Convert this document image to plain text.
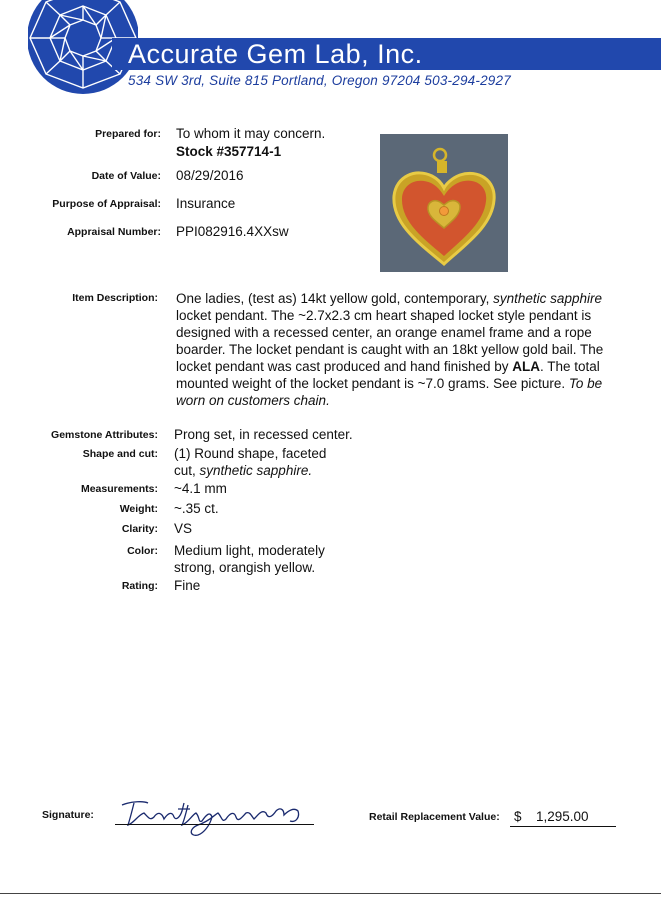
Accurate Gem Lab, Inc.
534 SW 3rd, Suite 815 Portland, Oregon 97204 503-294-2927
Prepared for: To whom it may concern.
Stock #357714-1
Date of Value: 08/29/2016
Purpose of Appraisal: Insurance
Appraisal Number: PPI082916.4XXsw
Item Description: One ladies, (test as) 14kt yellow gold, contemporary, synthetic sapphire locket pendant. The ~2.7x2.3 cm heart shaped locket style pendant is designed with a recessed center, an orange enamel frame and a rope boarder. The locket pendant is caught with an 18kt yellow gold bail. The locket pendant was cast produced and hand finished by ALA. The total mounted weight of the locket pendant is ~7.0 grams. See picture. To be worn on customers chain.
Gemstone Attributes: Prong set, in recessed center.
Shape and cut: (1) Round shape, faceted
cut, synthetic sapphire.
Measurements: ~4.1 mm
Weight: ~.35 ct.
Clarity: VS
Color: Medium light, moderately
strong, orangish yellow.
Rating: Fine
Signature:	Retail Replacement Value: $ 1,295.00
